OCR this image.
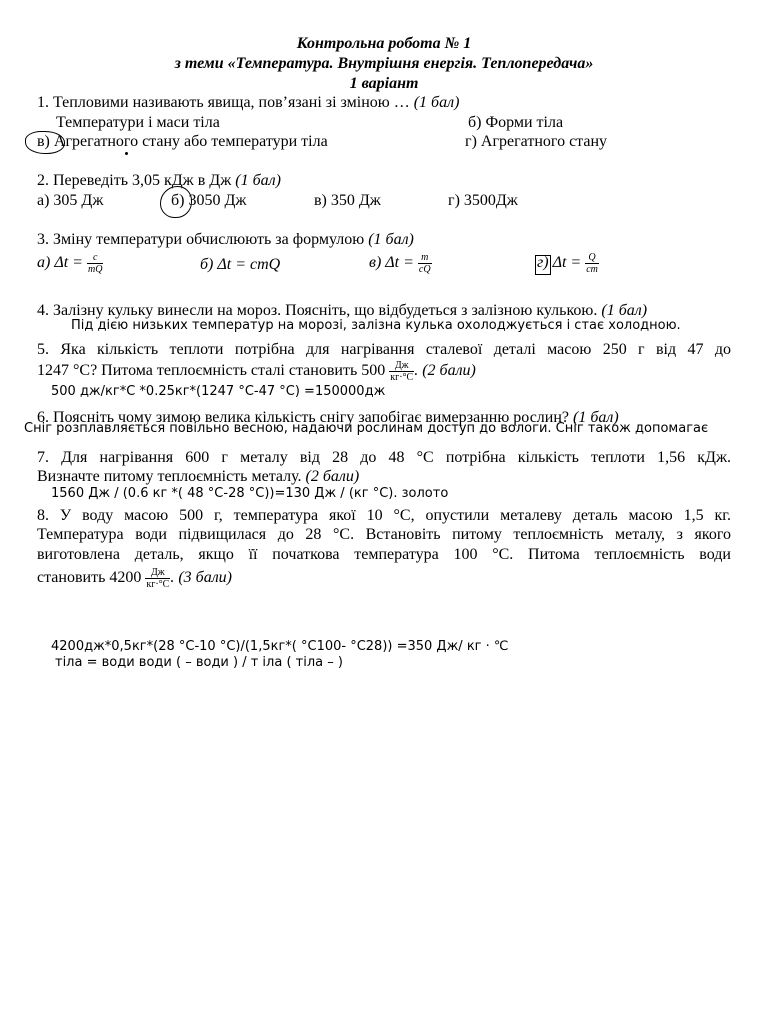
Контрольна робота № 1
з теми «Температура. Внутрішня енергія. Теплопередача»
1 варіант
1. Тепловими називають явища, пов’язані зі зміною … (1 бал)
Температури і маси тіла	б) Форми тіла
в) Агрегатного стану або температури тіла	г) Агрегатного стану
2. Переведіть 3,05 кДж в Дж (1 бал)
а) 305 Дж	б) 3050 Дж	в) 350 Дж	г) 3500Дж
3. Зміну температури обчислюють за формулою (1 бал)
а) $\Delta t = \frac{c}{mQ}$	б) Δt = cmQ	в) $\Delta t = \frac{m}{cQ}$	г) $\Delta t = \frac{Q}{cm}$
4. Залізну кульку винесли на мороз. Поясніть, що відбудеться з залізною кулькою. (1 бал)
Під дією низьких температур на морозі, залізна кулька охолоджується і стає холодною.
5. Яка кількість теплоти потрібна для нагрівання сталевої деталі масою 250 г від 47 до
1247 °С? Питома теплоємність сталі становить $500 \frac{Дж}{кг\cdot^\circ С}$ . (2 бали)
500 дж/кг*С *0.25кг*(1247 °С-47 °С) =150000дж
6. Поясніть чому зимою велика кількість снігу запобігає вимерзанню рослин? (1 бал)
Сніг розплавляється повільно весною, надаючи рослинам доступ до вологи. Сніг також допомагає
7. Для нагрівання 600 г металу від 28 до 48 °С потрібна кількість теплоти 1,56 кДж.
Визначте питому теплоємність металу. (2 бали)
1560 Дж / (0.6 кг *( 48 °С-28 °С))=130 Дж / (кг °С). золото
8. У воду масою 500 г, температура якої 10 °С, опустили металеву деталь масою 1,5 кг.
Температура води підвищилася до 28 °С. Встановіть питому теплоємність металу, з якого
виготовлена деталь, якщо її початкова температура 100 °С. Питома теплоємність води
становить $4200 \frac{Дж}{кг\cdot^\circ С}$ . (3 бали)
4200дж*0,5кг*(28 °С-10 °С)/(1,5кг*( °С100- °С28)) =350 Дж/ кг · ℃
тіла = води води ( – води ) / т іла ( тіла – )
